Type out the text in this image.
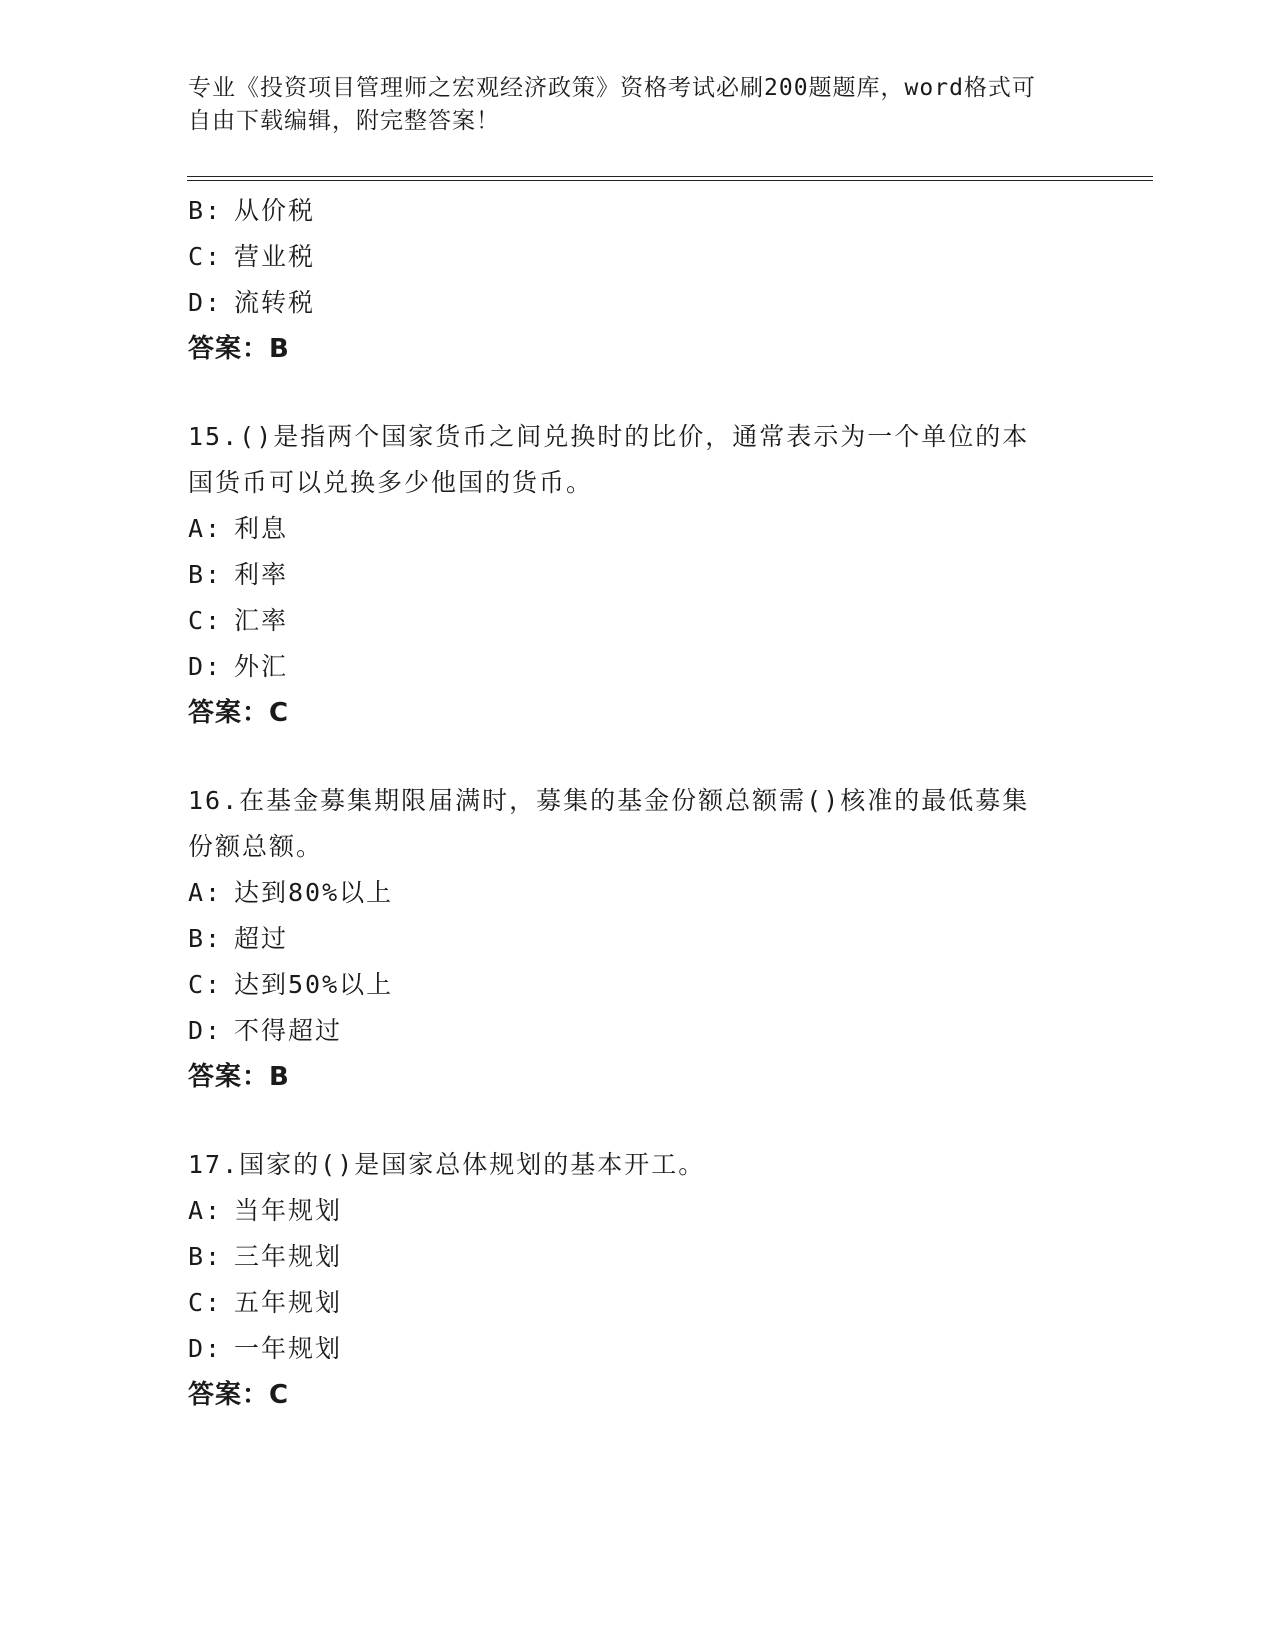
专业《投资项目管理师之宏观经济政策》资格考试必刷200题题库，word格式可
自由下载编辑，附完整答案！
B: 从价税
C: 营业税
D: 流转税
答案：B
15.()是指两个国家货币之间兑换时的比价，通常表示为一个单位的本
国货币可以兑换多少他国的货币。
A: 利息
B: 利率
C: 汇率
D: 外汇
答案：C
16.在基金募集期限届满时，募集的基金份额总额需()核准的最低募集
份额总额。
A: 达到80%以上
B: 超过
C: 达到50%以上
D: 不得超过
答案：B
17.国家的()是国家总体规划的基本开工。
A: 当年规划
B: 三年规划
C: 五年规划
D: 一年规划
答案：C
